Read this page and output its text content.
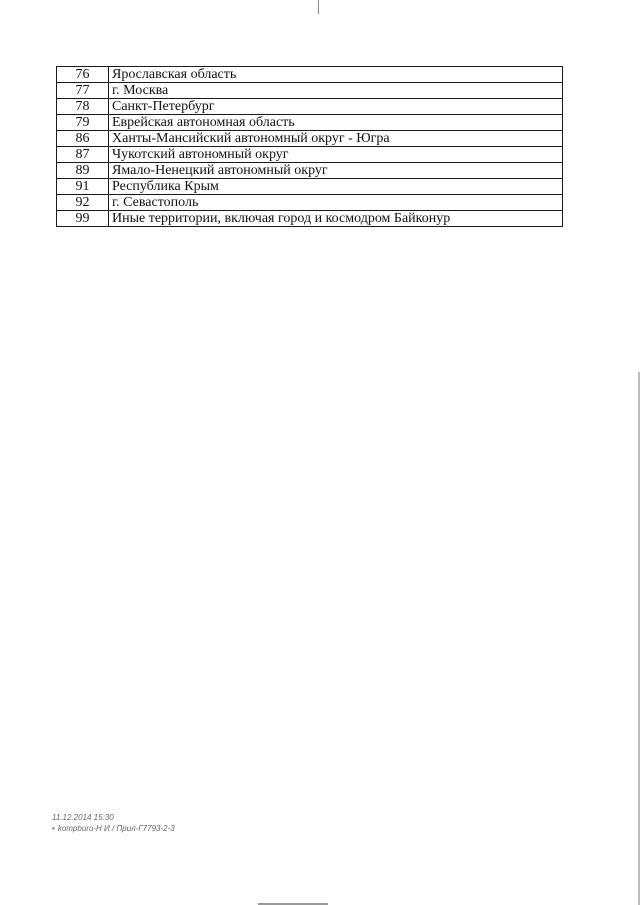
76	Ярославская область
77	г. Москва
78	Санкт-Петербург
79	Еврейская автономная область
86	Ханты-Мансийский автономный округ - Югра
87	Чукотский автономный округ
89	Ямало-Ненецкий автономный округ
91	Республика Крым
92	г. Севастополь
99	Иные территории, включая город и космодром Байконур
11.12.2014 15:30
• kompburo-Н И / Прил-Г7793-2-3
